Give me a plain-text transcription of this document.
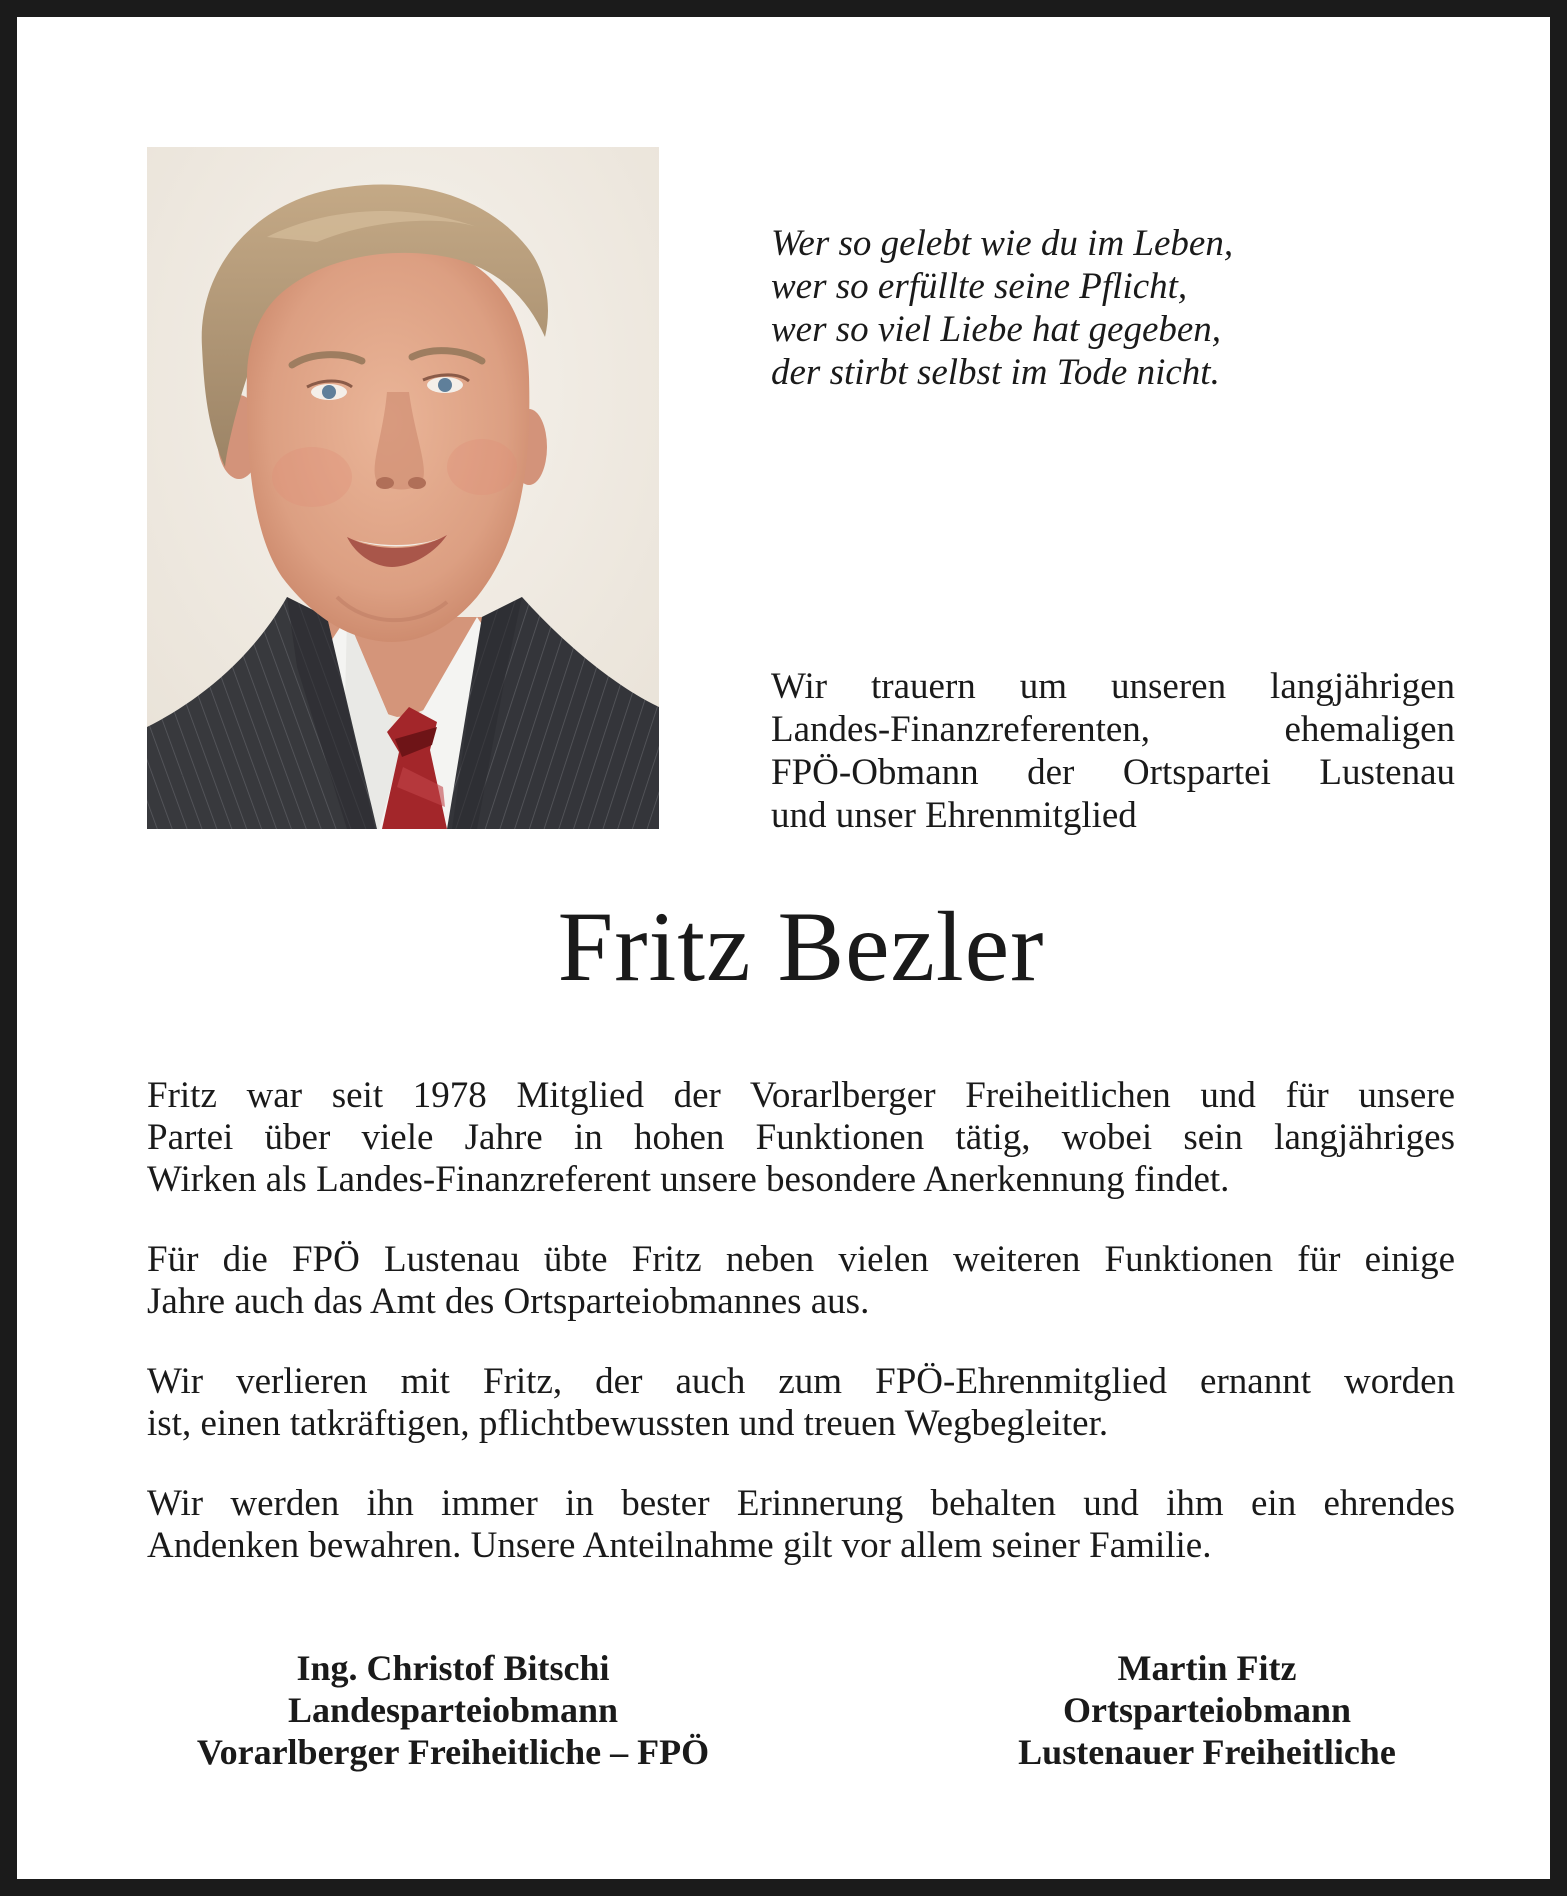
Wer so gelebt wie du im Leben,
wer so erfüllte seine Pflicht,
wer so viel Liebe hat gegeben,
der stirbt selbst im Tode nicht.
Wir trauern um unseren langjährigen
Landes-Finanzreferenten, ehemaligen
FPÖ-Obmann der Ortspartei Lustenau
und unser Ehrenmitglied
Fritz Bezler
Fritz war seit 1978 Mitglied der Vorarlberger Freiheitlichen und für unsere
Partei über viele Jahre in hohen Funktionen tätig, wobei sein langjähriges
Wirken als Landes-Finanzreferent unsere besondere Anerkennung findet.
Für die FPÖ Lustenau übte Fritz neben vielen weiteren Funktionen für einige
Jahre auch das Amt des Ortsparteiobmannes aus.
Wir verlieren mit Fritz, der auch zum FPÖ-Ehrenmitglied ernannt worden
ist, einen tatkräftigen, pflichtbewussten und treuen Wegbegleiter.
Wir werden ihn immer in bester Erinnerung behalten und ihm ein ehrendes
Andenken bewahren. Unsere Anteilnahme gilt vor allem seiner Familie.
Ing. Christof Bitschi
Landesparteiobmann
Vorarlberger Freiheitliche – FPÖ
Martin Fitz
Ortsparteiobmann
Lustenauer Freiheitliche
